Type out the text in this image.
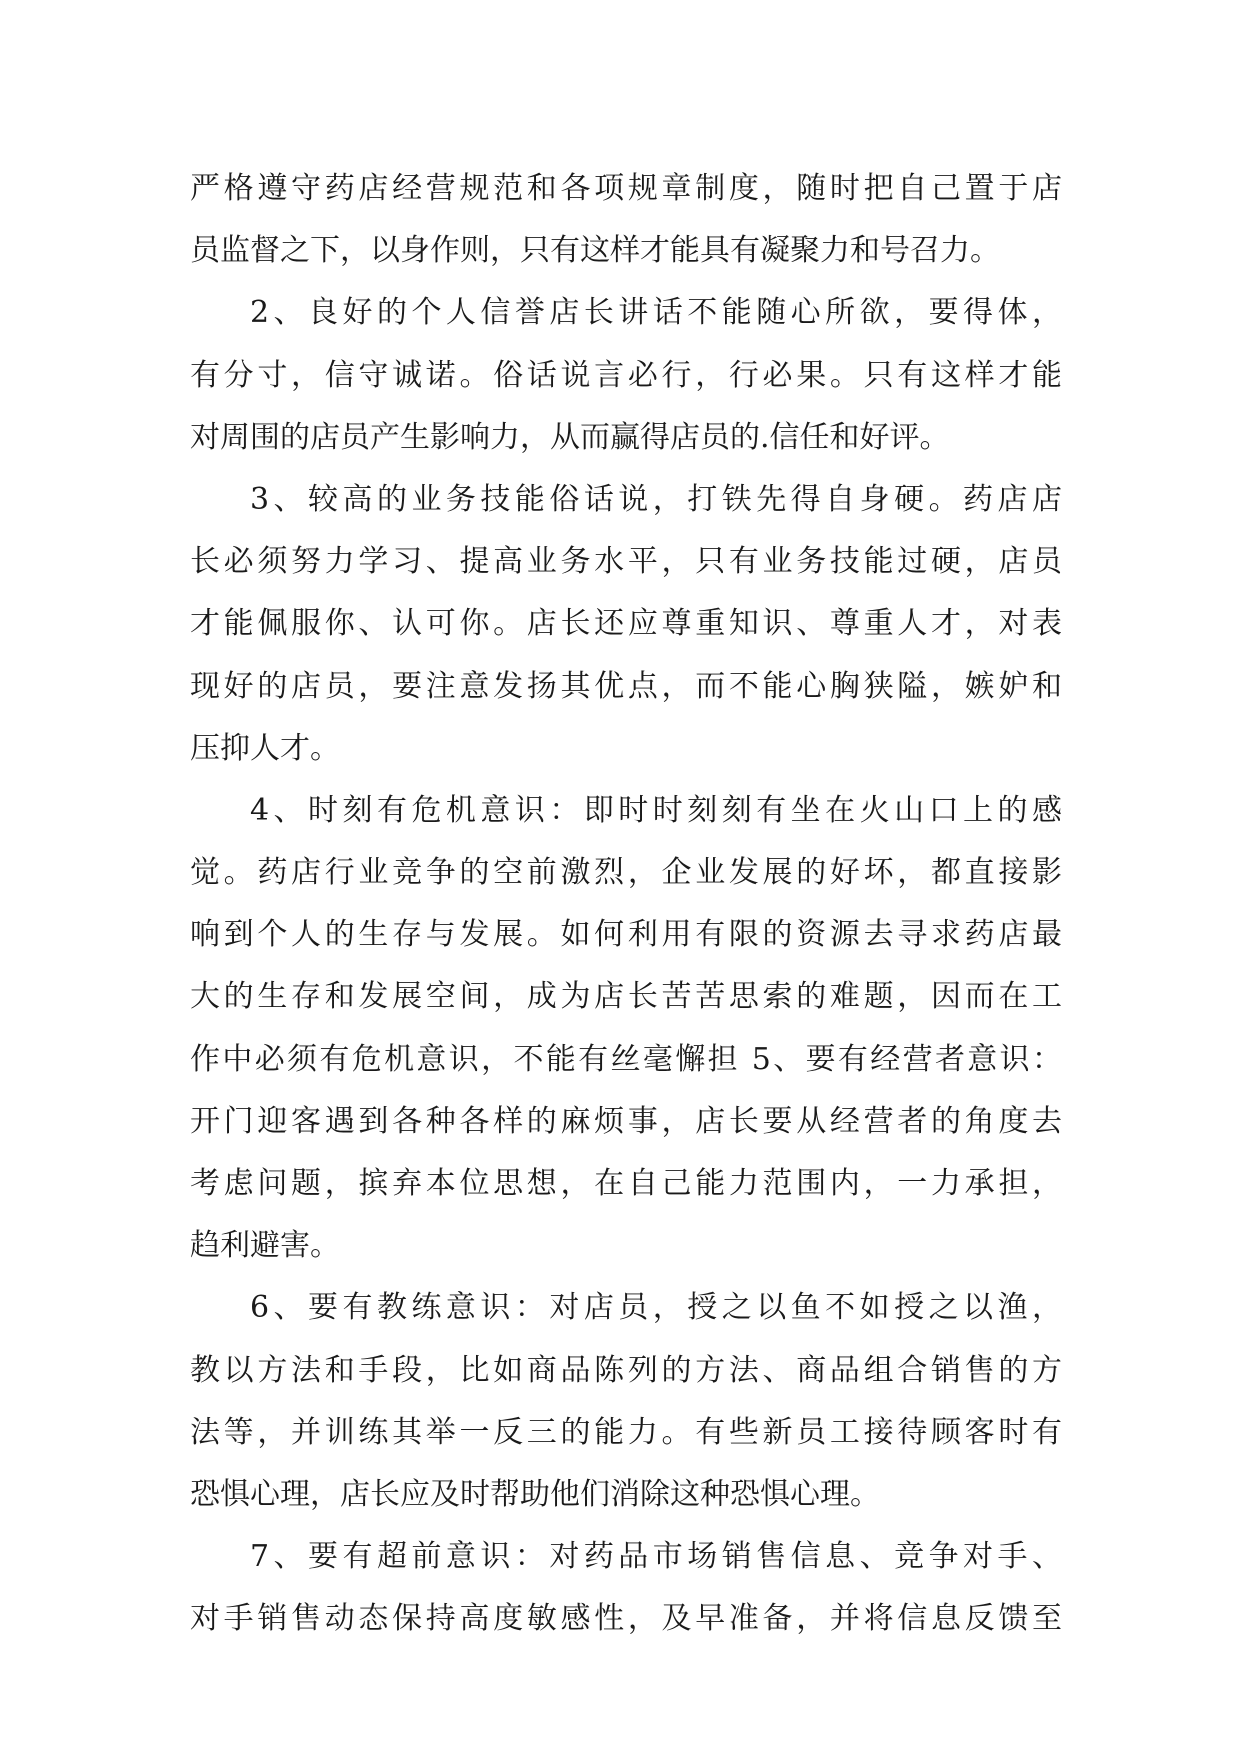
严格遵守药店经营规范和各项规章制度，随时把自己置于店
员监督之下，以身作则，只有这样才能具有凝聚力和号召力。
2、良好的个人信誉店长讲话不能随心所欲，要得体，
有分寸，信守诚诺。俗话说言必行，行必果。只有这样才能
对周围的店员产生影响力，从而赢得店员的.信任和好评。
3、较高的业务技能俗话说，打铁先得自身硬。药店店
长必须努力学习、提高业务水平，只有业务技能过硬，店员
才能佩服你、认可你。店长还应尊重知识、尊重人才，对表
现好的店员，要注意发扬其优点，而不能心胸狭隘，嫉妒和
压抑人才。
4、时刻有危机意识：即时时刻刻有坐在火山口上的感
觉。药店行业竞争的空前激烈，企业发展的好坏，都直接影
响到个人的生存与发展。如何利用有限的资源去寻求药店最
大的生存和发展空间，成为店长苦苦思索的难题，因而在工
作中必须有危机意识，不能有丝毫懈担 5、要有经营者意识：
开门迎客遇到各种各样的麻烦事，店长要从经营者的角度去
考虑问题，摈弃本位思想，在自己能力范围内，一力承担，
趋利避害。
6、要有教练意识：对店员，授之以鱼不如授之以渔，
教以方法和手段，比如商品陈列的方法、商品组合销售的方
法等，并训练其举一反三的能力。有些新员工接待顾客时有
恐惧心理，店长应及时帮助他们消除这种恐惧心理。
7、要有超前意识：对药品市场销售信息、竞争对手、
对手销售动态保持高度敏感性，及早准备，并将信息反馈至
